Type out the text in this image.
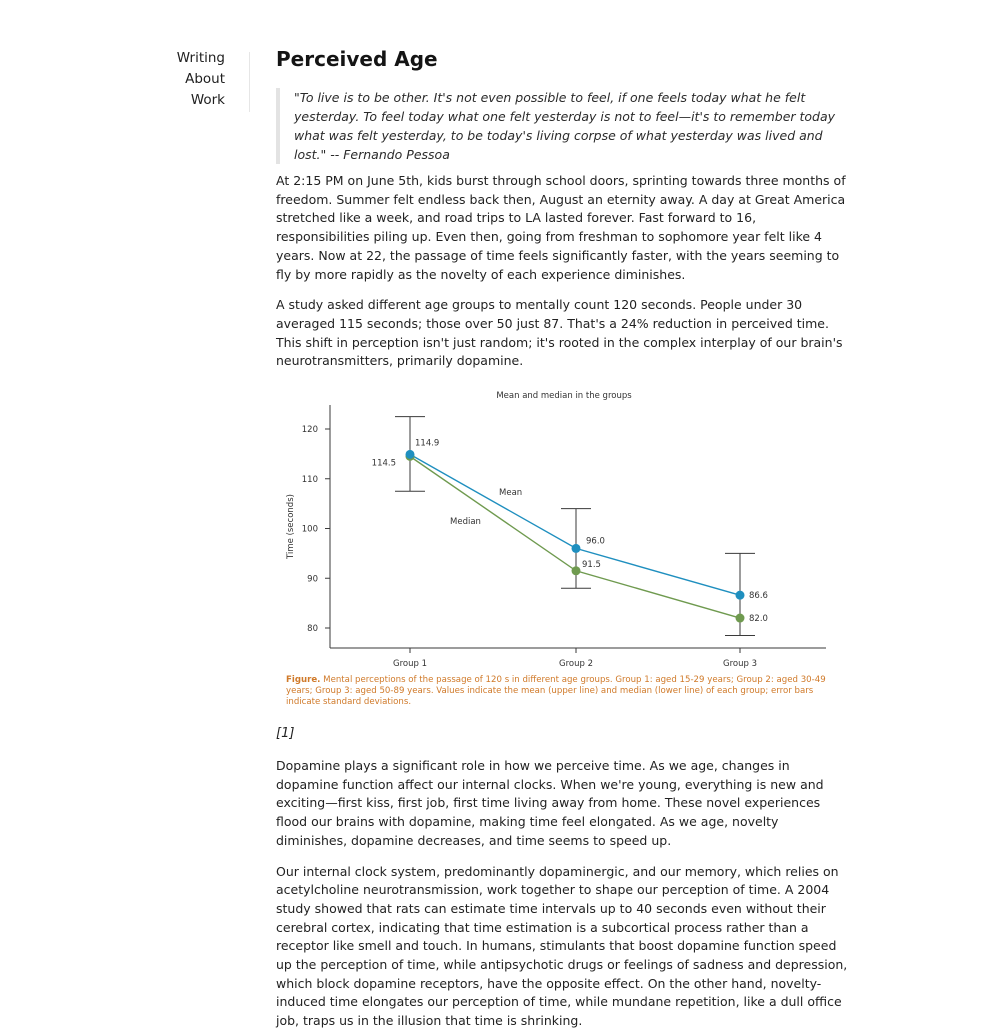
Writing
About
Work
Perceived Age
"To live is to be other. It's not even possible to feel, if one feels today what he felt yesterday. To feel today what one felt yesterday is not to feel—it's to remember today what was felt yesterday, to be today's living corpse of what yesterday was lived and lost." -- Fernando Pessoa

At 2:15 PM on June 5th, kids burst through school doors, sprinting towards three months of freedom. Summer felt endless back then, August an eternity away. A day at Great America stretched like a week, and road trips to LA lasted forever. Fast forward to 16, responsibilities piling up. Even then, going from freshman to sophomore year felt like 4 years. Now at 22, the passage of time feels significantly faster, with the years seeming to fly by more rapidly as the novelty of each experience diminishes.

A study asked different age groups to mentally count 120 seconds. People under 30 averaged 115 seconds; those over 50 just 87. That's a 24% reduction in perceived time. This shift in perception isn't just random; it's rooted in the complex interplay of our brain's neurotransmitters, primarily dopamine.

Mean and median in the groups
80
90
100
110
120
Time (seconds)
Group 1	Group 2	Group 3
114.9
114.5
96.0
91.5
86.6
82.0
Mean
Median
Figure. Mental perceptions of the passage of 120 s in different age groups. Group 1: aged 15-29 years; Group 2: aged 30-49 years; Group 3: aged 50-89 years. Values indicate the mean (upper line) and median (lower line) of each group; error bars indicate standard deviations.
[1]

Dopamine plays a significant role in how we perceive time. As we age, changes in dopamine function affect our internal clocks. When we're young, everything is new and exciting—first kiss, first job, first time living away from home. These novel experiences flood our brains with dopamine, making time feel elongated. As we age, novelty diminishes, dopamine decreases, and time seems to speed up.

Our internal clock system, predominantly dopaminergic, and our memory, which relies on acetylcholine neurotransmission, work together to shape our perception of time. A 2004 study showed that rats can estimate time intervals up to 40 seconds even without their cerebral cortex, indicating that time estimation is a subcortical process rather than a receptor like smell and touch. In humans, stimulants that boost dopamine function speed up the perception of time, while antipsychotic drugs or feelings of sadness and depression, which block dopamine receptors, have the opposite effect. On the other hand, novelty-induced time elongates our perception of time, while mundane repetition, like a dull office job, traps us in the illusion that time is shrinking.
